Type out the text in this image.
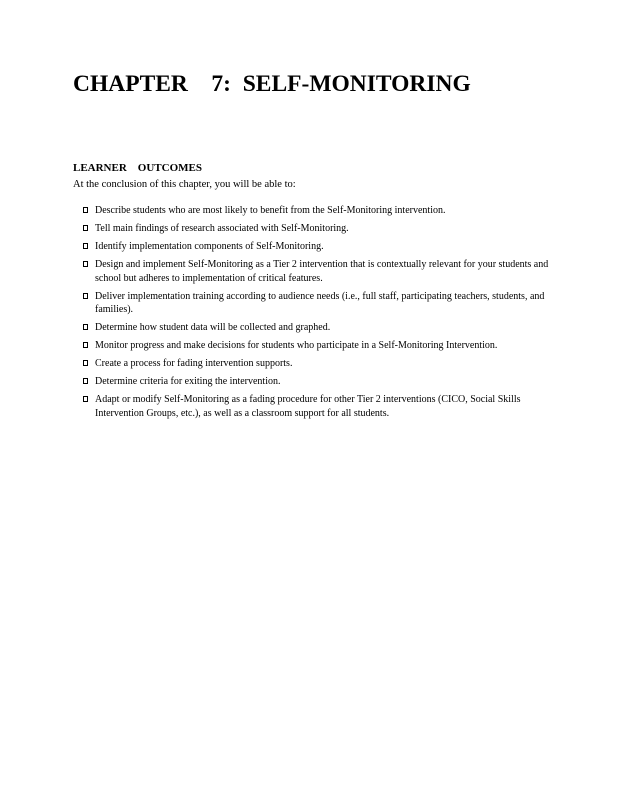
CHAPTER    7:  SELF-MONITORING
LEARNER    OUTCOMES

At the conclusion of this chapter, you will be able to:

Describe students who are most likely to benefit from the Self-Monitoring intervention.
Tell main findings of research associated with Self-Monitoring.
Identify implementation components of Self-Monitoring.
Design and implement Self-Monitoring as a Tier 2 intervention that is contextually relevant for your students and school but adheres to implementation of critical features.
Deliver implementation training according to audience needs (i.e., full staff, participating teachers, students, and families).
Determine how student data will be collected and graphed.
Monitor progress and make decisions for students who participate in a Self-Monitoring Intervention.
Create a process for fading intervention supports.
Determine criteria for exiting the intervention.
Adapt or modify Self-Monitoring as a fading procedure for other Tier 2 interventions (CICO, Social Skills Intervention Groups, etc.), as well as a classroom support for all students.
